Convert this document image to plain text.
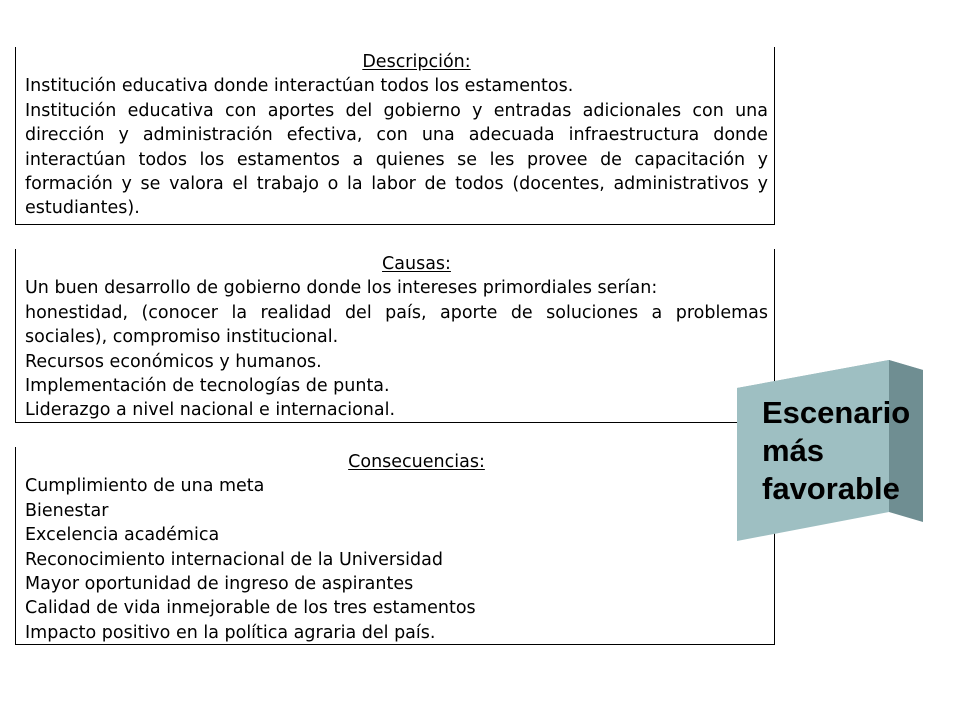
Descripción:

Institución educativa donde interactúan todos los estamentos.

Institución educativa con aportes del gobierno y entradas adicionales con una dirección y administración efectiva, con una adecuada infraestructura donde interactúan todos los estamentos a quienes se les provee de capacitación y formación y se valora el trabajo o la labor de todos (docentes, administrativos y estudiantes).

Causas:

Un buen desarrollo de gobierno donde los intereses primordiales serían:

honestidad, (conocer la realidad del país, aporte de soluciones a problemas sociales), compromiso institucional.

Recursos económicos y humanos.

Implementación de tecnologías de punta.

Liderazgo a nivel nacional e internacional.

Consecuencias:

Cumplimiento de una meta

Bienestar

Excelencia académica

Reconocimiento internacional de la Universidad

Mayor oportunidad de ingreso de aspirantes

Calidad de vida inmejorable de los tres estamentos

Impacto positivo en la política agraria del país.

Escenario
más
favorable
